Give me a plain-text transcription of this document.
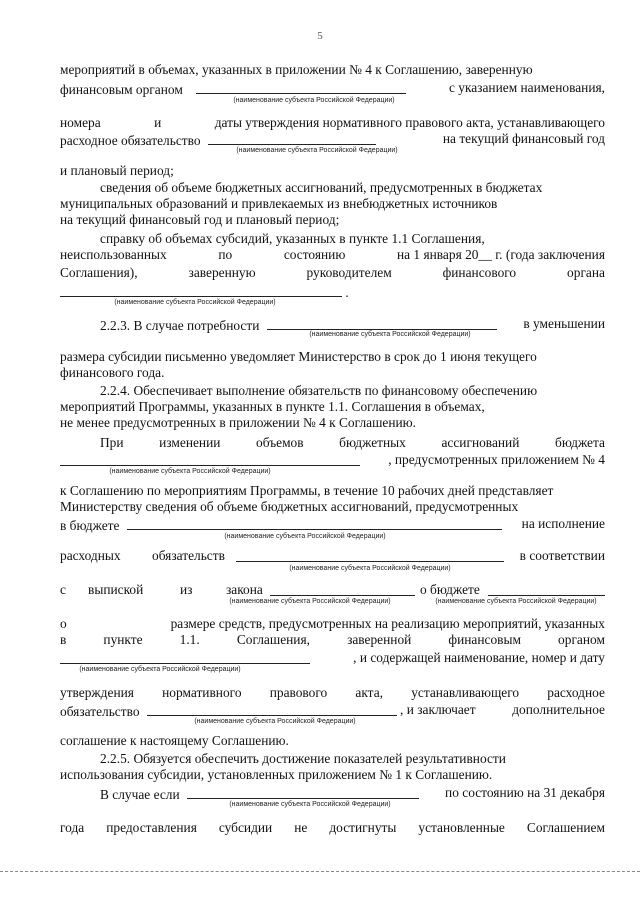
5
мероприятий в объемах, указанных в приложении № 4 к Соглашению, заверенную
финансовым органом	с указанием наименования,
(наименование субъекта Российской Федерации)
номера	и	даты утверждения нормативного правового акта, устанавливающего
расходное обязательство	на текущий финансовый год
(наименование субъекта Российской Федерации)
и плановый период;
сведения об объеме бюджетных ассигнований, предусмотренных в бюджетах
муниципальных образований и привлекаемых из внебюджетных источников
на текущий финансовый год и плановый период;
справку об объемах субсидий, указанных в пункте 1.1 Соглашения,
неиспользованных	по	состоянию	на 1 января 20__ г. (года заключения
Соглашения),	заверенную	руководителем	финансового	органа
.
(наименование субъекта Российской Федерации)
2.2.3. В случае потребности	в уменьшении
(наименование субъекта Российской Федерации)
размера субсидии письменно уведомляет Министерство в срок до 1 июня текущего
финансового года.
2.2.4. Обеспечивает выполнение обязательств по финансовому обеспечению
мероприятий Программы, указанных в пункте 1.1. Соглашения в объемах,
не менее предусмотренных в приложении № 4 к Соглашению.
При	изменении	объемов	бюджетных	ассигнований	бюджета
, предусмотренных приложением № 4
(наименование субъекта Российской Федерации)
к Соглашению по мероприятиям Программы, в течение 10 рабочих дней представляет
Министерству сведения об объеме бюджетных ассигнований, предусмотренных
в бюджете	на исполнение
(наименование субъекта Российской Федерации)
расходных обязательств	в соответствии
(наименование субъекта Российской Федерации)
с выпиской	из	закона	о бюджете
(наименование субъекта Российской Федерации)	(наименование субъекта Российской Федерации)
о	размере средств, предусмотренных на реализацию мероприятий, указанных
в	пункте	1.1.	Соглашения,	заверенной	финансовым	органом
, и содержащей наименование, номер и дату
(наименование субъекта Российской Федерации)
утверждения нормативного правового акта, устанавливающего расходное
обязательство	, и заключает	дополнительное
(наименование субъекта Российской Федерации)
соглашение к настоящему Соглашению.
2.2.5. Обязуется обеспечить достижение показателей результативности
использования субсидии, установленных приложением № 1 к Соглашению.
В случае если	по состоянию на 31 декабря
(наименование субъекта Российской Федерации)
года предоставления субсидии не достигнуты установленные Соглашением
